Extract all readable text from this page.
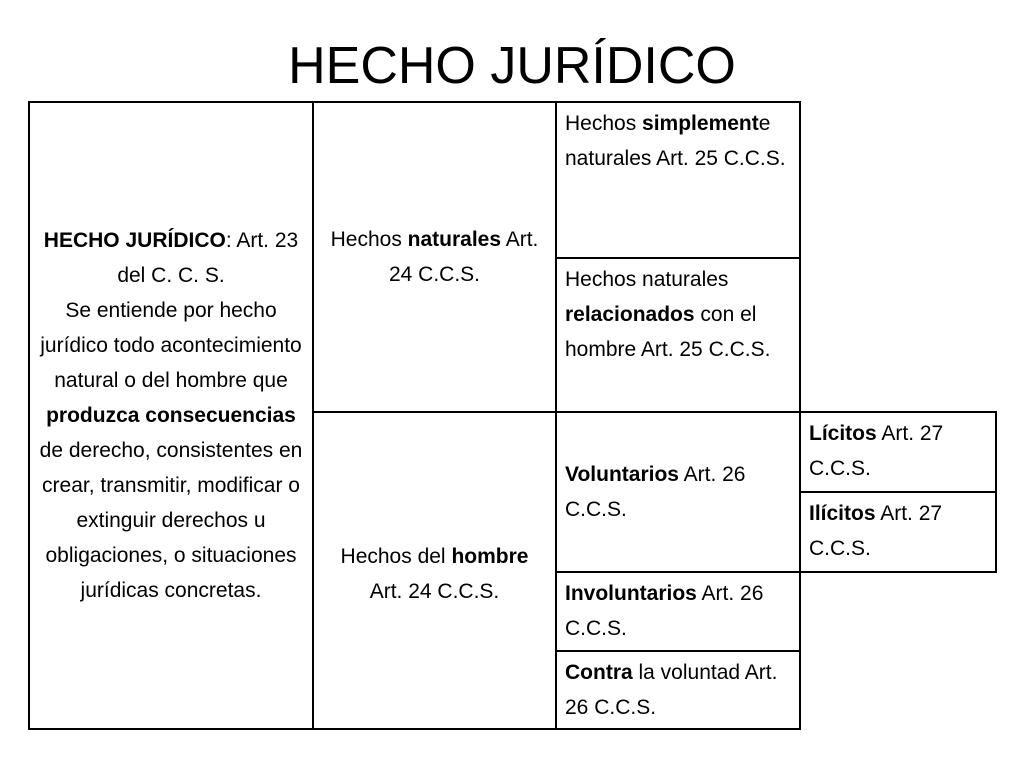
HECHO JURÍDICO
HECHO JURÍDICO: Art. 23 del C. C. S.
Se entiende por hecho jurídico todo acontecimiento natural o del hombre que produzca consecuencias de derecho, consistentes en crear, transmitir, modificar o extinguir derechos u obligaciones, o situaciones jurídicas concretas.
Hechos naturales Art. 24 C.C.S.
Hechos del hombre
Art. 24 C.C.S.
Hechos simplemente naturales Art. 25 C.C.S.
Hechos naturales relacionados con el hombre Art. 25 C.C.S.
Voluntarios Art. 26 C.C.S.
Involuntarios Art. 26 C.C.S.
Contra la voluntad Art. 26 C.C.S.
Lícitos Art. 27 C.C.S.
Ilícitos Art. 27 C.C.S.
